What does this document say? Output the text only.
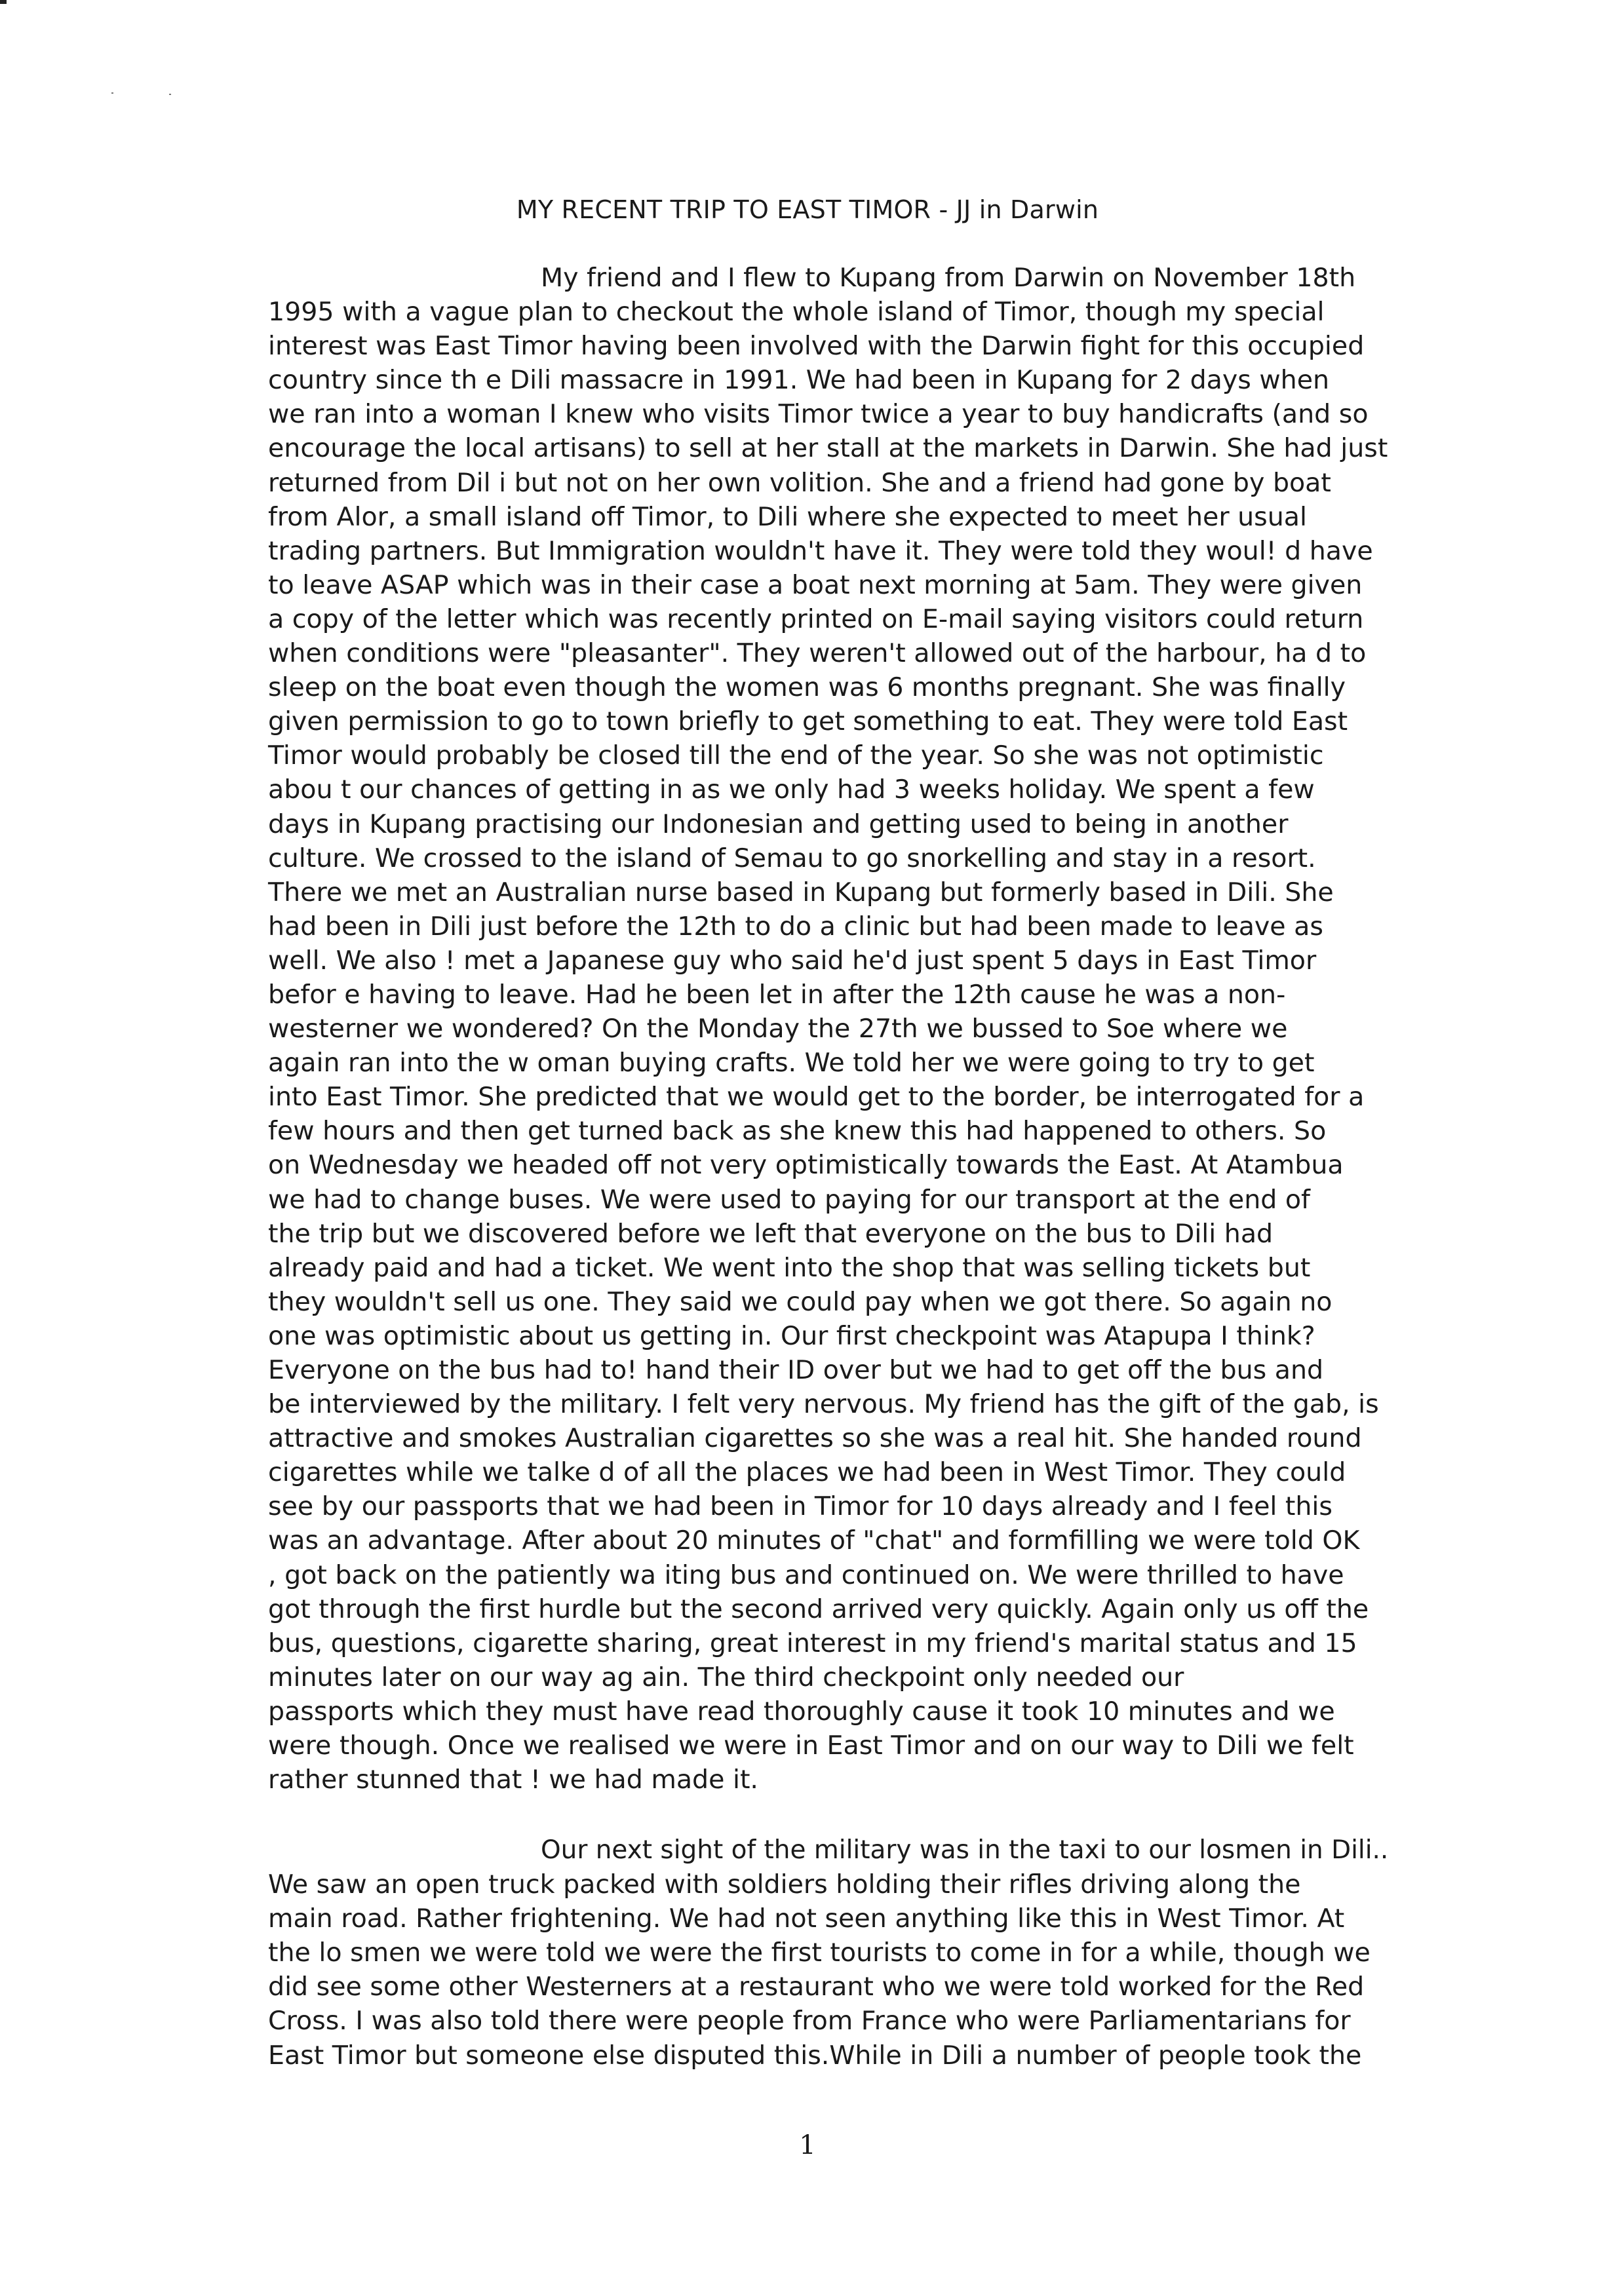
MY RECENT TRIP TO EAST TIMOR - JJ in Darwin
My friend and I flew to Kupang from Darwin on November 18th
1995 with a vague plan to checkout the whole island of Timor, though my special
interest was East Timor having been involved with the Darwin fight for this occupied
country since th e Dili massacre in 1991. We had been in Kupang for 2 days when
we ran into a woman I knew who visits Timor twice a year to buy handicrafts (and so
encourage the local artisans) to sell at her stall at the markets in Darwin. She had just
returned from Dil i but not on her own volition. She and a friend had gone by boat
from Alor, a small island off Timor, to Dili where she expected to meet her usual
trading partners. But Immigration wouldn't have it. They were told they woul! d have
to leave ASAP which was in their case a boat next morning at 5am. They were given
a copy of the letter which was recently printed on E-mail saying visitors could return
when conditions were "pleasanter". They weren't allowed out of the harbour, ha d to
sleep on the boat even though the women was 6 months pregnant. She was finally
given permission to go to town briefly to get something to eat. They were told East
Timor would probably be closed till the end of the year. So she was not optimistic
abou t our chances of getting in as we only had 3 weeks holiday. We spent a few
days in Kupang practising our Indonesian and getting used to being in another
culture. We crossed to the island of Semau to go snorkelling and stay in a resort.
There we met an Australian nurse based in Kupang but formerly based in Dili. She
had been in Dili just before the 12th to do a clinic but had been made to leave as
well. We also ! met a Japanese guy who said he'd just spent 5 days in East Timor
befor e having to leave. Had he been let in after the 12th cause he was a non-
westerner we wondered? On the Monday the 27th we bussed to Soe where we
again ran into the w oman buying crafts. We told her we were going to try to get
into East Timor. She predicted that we would get to the border, be interrogated for a
few hours and then get turned back as she knew this had happened to others. So
on Wednesday we headed off not very optimistically towards the East. At Atambua
we had to change buses. We were used to paying for our transport at the end of
the trip but we discovered before we left that everyone on the bus to Dili had
already paid and had a ticket. We went into the shop that was selling tickets but
they wouldn't sell us one. They said we could pay when we got there. So again no
one was optimistic about us getting in. Our first checkpoint was Atapupa I think?
Everyone on the bus had to! hand their ID over but we had to get off the bus and
be interviewed by the military. I felt very nervous. My friend has the gift of the gab, is
attractive and smokes Australian cigarettes so she was a real hit. She handed round
cigarettes while we talke d of all the places we had been in West Timor. They could
see by our passports that we had been in Timor for 10 days already and I feel this
was an advantage. After about 20 minutes of "chat" and formfilling we were told OK
, got back on the patiently wa iting bus and continued on. We were thrilled to have
got through the first hurdle but the second arrived very quickly. Again only us off the
bus, questions, cigarette sharing, great interest in my friend's marital status and 15
minutes later on our way ag ain. The third checkpoint only needed our
passports which they must have read thoroughly cause it took 10 minutes and we
were though. Once we realised we were in East Timor and on our way to Dili we felt
rather stunned that ! we had made it.
Our next sight of the military was in the taxi to our losmen in Dili..
We saw an open truck packed with soldiers holding their rifles driving along the
main road. Rather frightening. We had not seen anything like this in West Timor. At
the lo smen we were told we were the first tourists to come in for a while, though we
did see some other Westerners at a restaurant who we were told worked for the Red
Cross. I was also told there were people from France who were Parliamentarians for
East Timor but someone else disputed this.While in Dili a number of people took the
1
